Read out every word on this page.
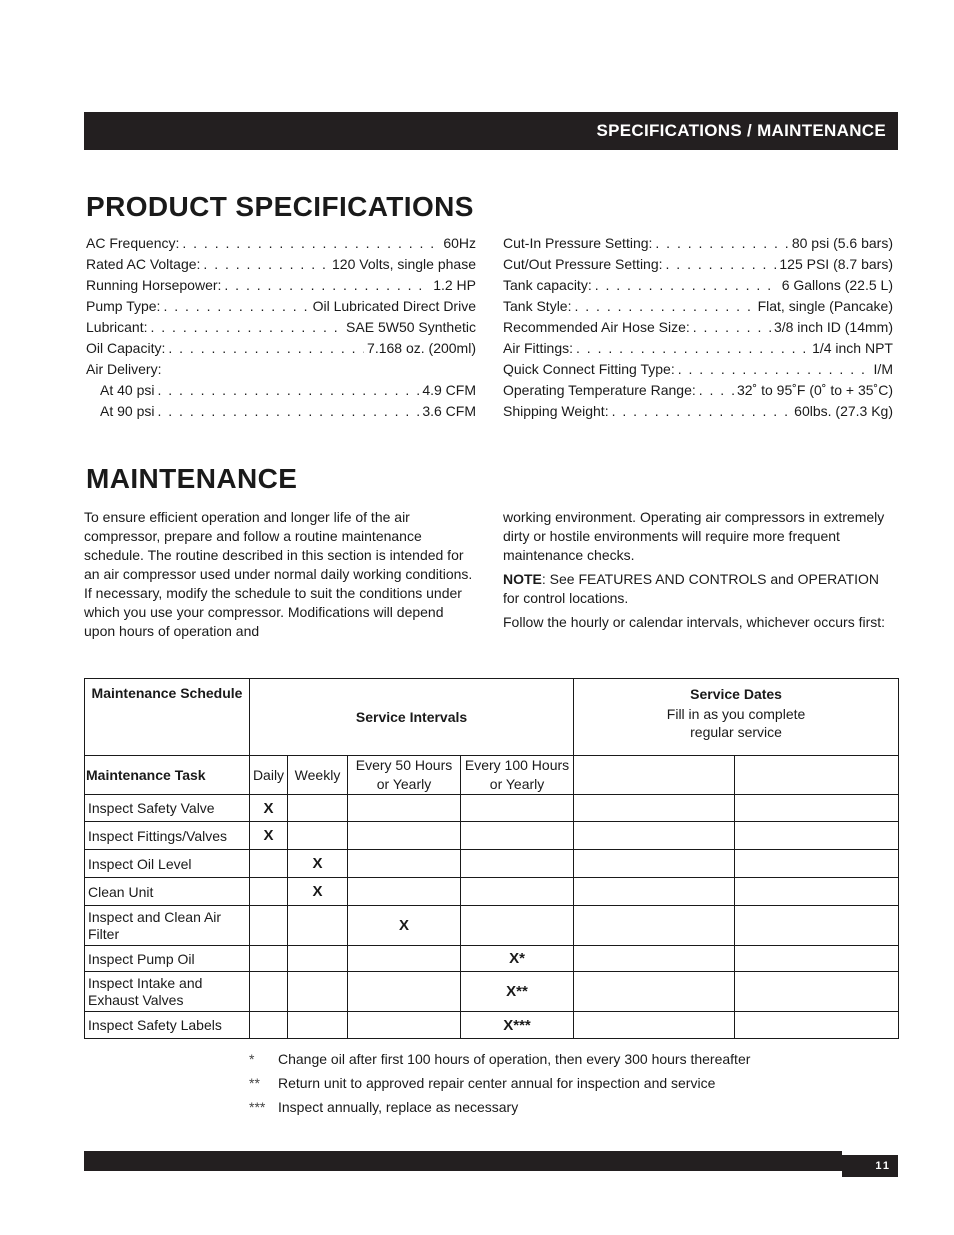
SPECIFICATIONS / MAINTENANCE
PRODUCT SPECIFICATIONS
AC Frequency: . . .	60Hz
Rated AC Voltage: . . .	120 Volts, single phase
Running Horsepower: . . .	1.2 HP
Pump Type: . . .	Oil Lubricated Direct Drive
Lubricant: . . .	SAE 5W50 Synthetic
Oil Capacity: . . .	7.168 oz. (200ml)
Air Delivery:
At 40 psi . . .	4.9 CFM
At 90 psi . . .	3.6 CFM
Cut-In Pressure Setting: . . .	80 psi (5.6 bars)
Cut/Out Pressure Setting: . . .	125 PSI (8.7 bars)
Tank capacity: . . .	6 Gallons (22.5 L)
Tank Style: . . .	Flat, single (Pancake)
Recommended Air Hose Size: . . .	3/8 inch ID (14mm)
Air Fittings: . . .	1/4 inch NPT
Quick Connect Fitting Type: . . .	I/M
Operating Temperature Range: . . .	32˚ to 95˚F (0˚ to + 35˚C)
Shipping Weight: . . .	60lbs. (27.3 Kg)
MAINTENANCE

To ensure efficient operation and longer life of the air compressor, prepare and follow a routine maintenance schedule. The routine described in this section is intended for an air compressor used under normal daily working conditions. If necessary, modify the schedule to suit the conditions under which you use your compressor. Modifications will depend upon hours of operation and

working environment. Operating air compressors in extremely dirty or hostile environments will require more frequent maintenance checks.

NOTE: See FEATURES AND CONTROLS and OPERATION for control locations.

Follow the hourly or calendar intervals, whichever occurs first:

Maintenance Schedule	Service Intervals				Service Dates
Fill in as you complete regular service	

Maintenance Task	Daily	Weekly	Every 50 Hours or Yearly	Every 100 Hours or Yearly		
Inspect Safety Valve	X					
Inspect Fittings/Valves	X					
Inspect Oil Level		X				
Clean Unit		X				
Inspect and Clean Air Filter			X			
Inspect Pump Oil				X*		
Inspect Intake and Exhaust Valves				X**		
Inspect Safety Labels				X***		
*	Change oil after first 100 hours of operation, then every 300 hours thereafter
**	Return unit to approved repair center annual for inspection and service
*** Inspect annually, replace as necessary
11
